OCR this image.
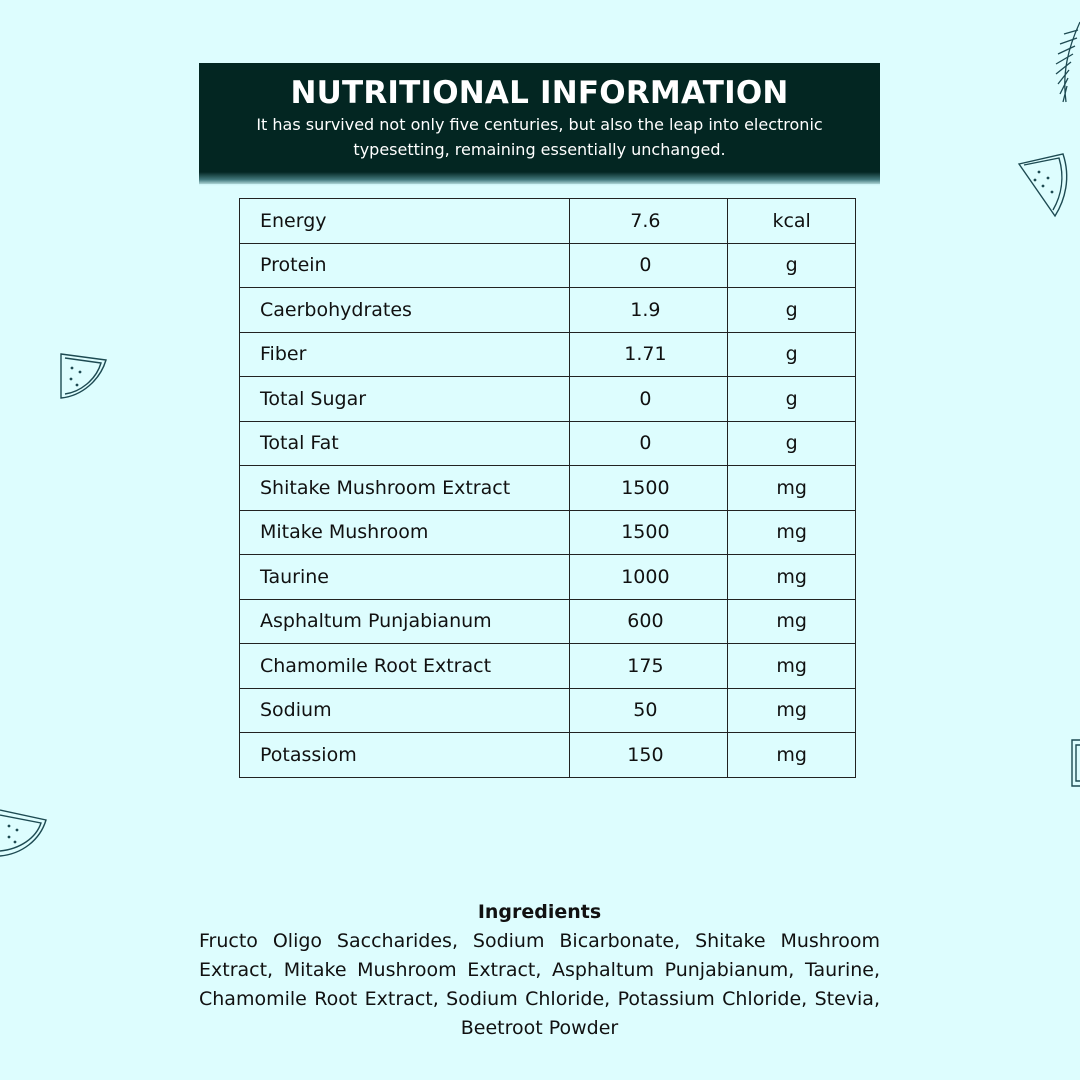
NUTRITIONAL INFORMATION
It has survived not only five centuries, but also the leap into electronic typesetting, remaining essentially unchanged.
Energy	7.6	kcal
Protein	0	g
Caerbohydrates	1.9	g
Fiber	1.71	g
Total Sugar	0	g
Total Fat	0	g
Shitake Mushroom Extract	1500	mg
Mitake Mushroom	1500	mg
Taurine	1000	mg
Asphaltum Punjabianum	600	mg
Chamomile Root Extract	175	mg
Sodium	50	mg
Potassiom	150	mg
Ingredients

Fructo Oligo Saccharides, Sodium Bicarbonate, Shitake Mushroom Extract, Mitake Mushroom Extract, Asphaltum Punjabianum, Taurine, Chamomile Root Extract, Sodium Chloride, Potassium Chloride, Stevia, Beetroot Powder
